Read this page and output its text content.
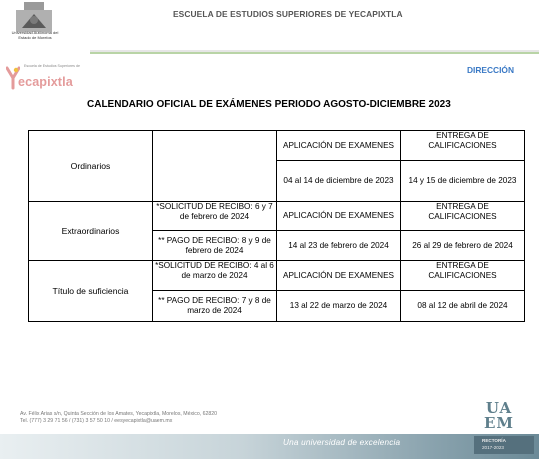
Universidad Autónoma del
Estado de Morelos
ESCUELA DE ESTUDIOS SUPERIORES DE YECAPIXTLA
Escuela de Estudios Superiores de
ecapixtla
DIRECCIÓN
CALENDARIO OFICIAL DE EXÁMENES PERIODO AGOSTO-DICIEMBRE 2023
Ordinarios		APLICACIÓN DE EXAMENES	ENTREGA DE CALIFICACIONES
		04 al 14 de diciembre de 2023	14 y 15 de diciembre de 2023
Extraordinarios	*SOLICITUD DE RECIBO: 6 y 7 de febrero de 2024	APLICACIÓN DE EXAMENES	ENTREGA DE CALIFICACIONES
	** PAGO DE RECIBO: 8 y 9 de febrero de 2024	14 al 23 de febrero de 2024	26 al 29 de febrero de 2024
Título de suficiencia	*SOLICITUD DE RECIBO: 4 al 6 de marzo de 2024	APLICACIÓN DE EXAMENES	ENTREGA DE CALIFICACIONES
	** PAGO DE RECIBO: 7 y 8 de marzo de 2024	13 al 22 de marzo de 2024	08 al 12 de abril de 2024
Av. Félix Arias s/n, Quinta Sección de los Amates, Yecapixtla, Morelos, México, 62820
Tel. (777) 3 29 71 56 / (731) 3 57 50 10 / eesyecapixtla@uaem.mx
UA
EM
Una universidad de excelencia	RECTORÍA
2017-2023
